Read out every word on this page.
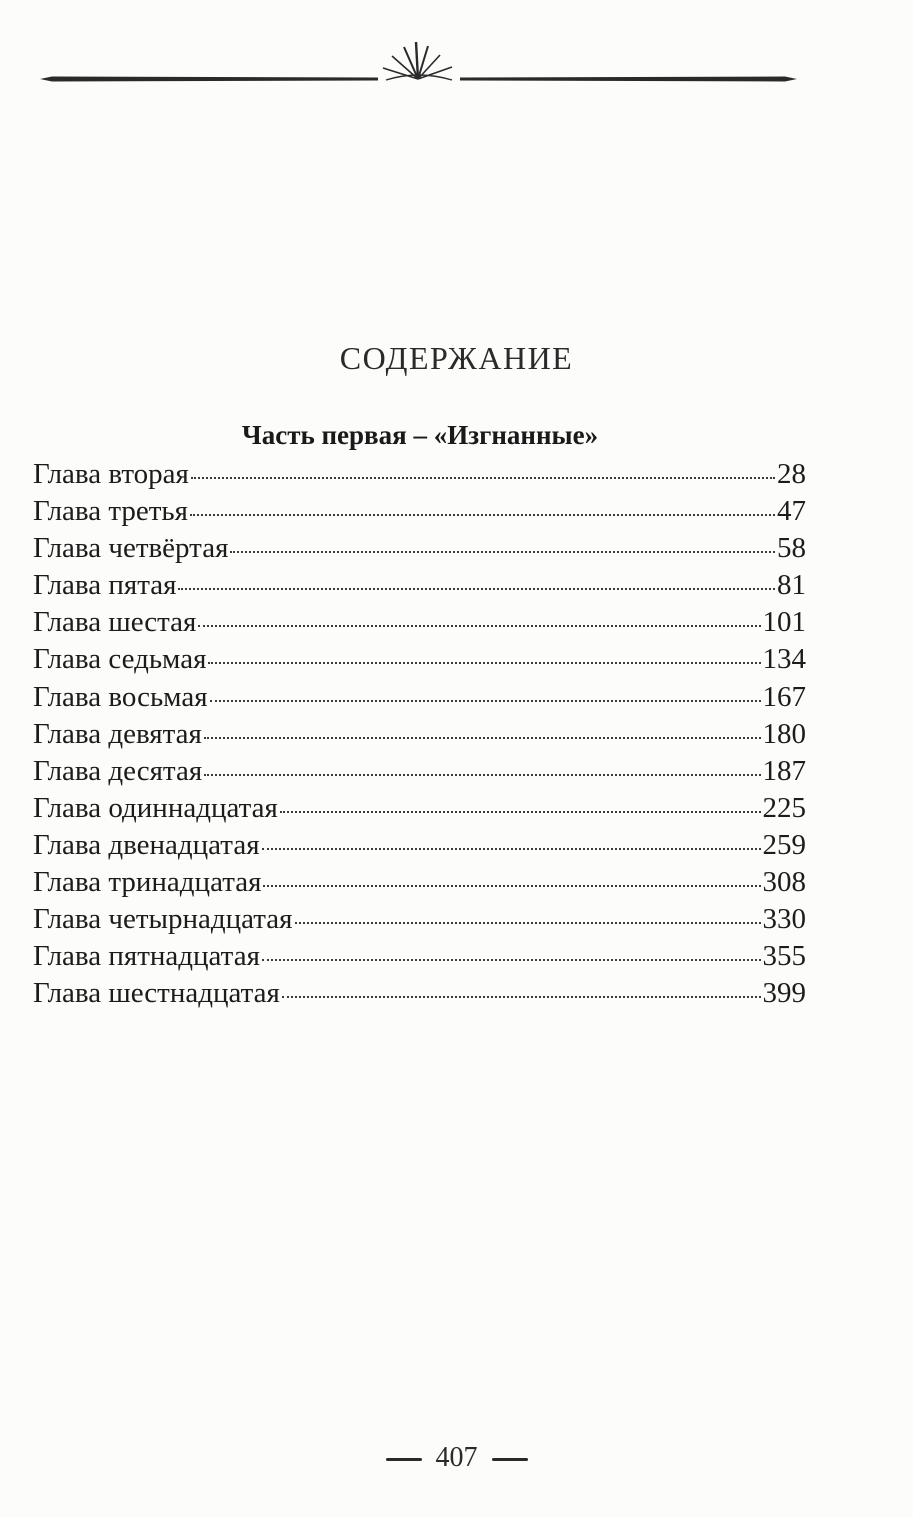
СОДЕРЖАНИЕ
Часть первая – «Изгнанные»
Глава вторая	28
Глава третья	47
Глава четвёртая	58
Глава пятая	81
Глава шестая	101
Глава седьмая	134
Глава восьмая	167
Глава девятая	180
Глава десятая	187
Глава одиннадцатая	225
Глава двенадцатая	259
Глава тринадцатая	308
Глава четырнадцатая	330
Глава пятнадцатая	355
Глава шестнадцатая	399
407
